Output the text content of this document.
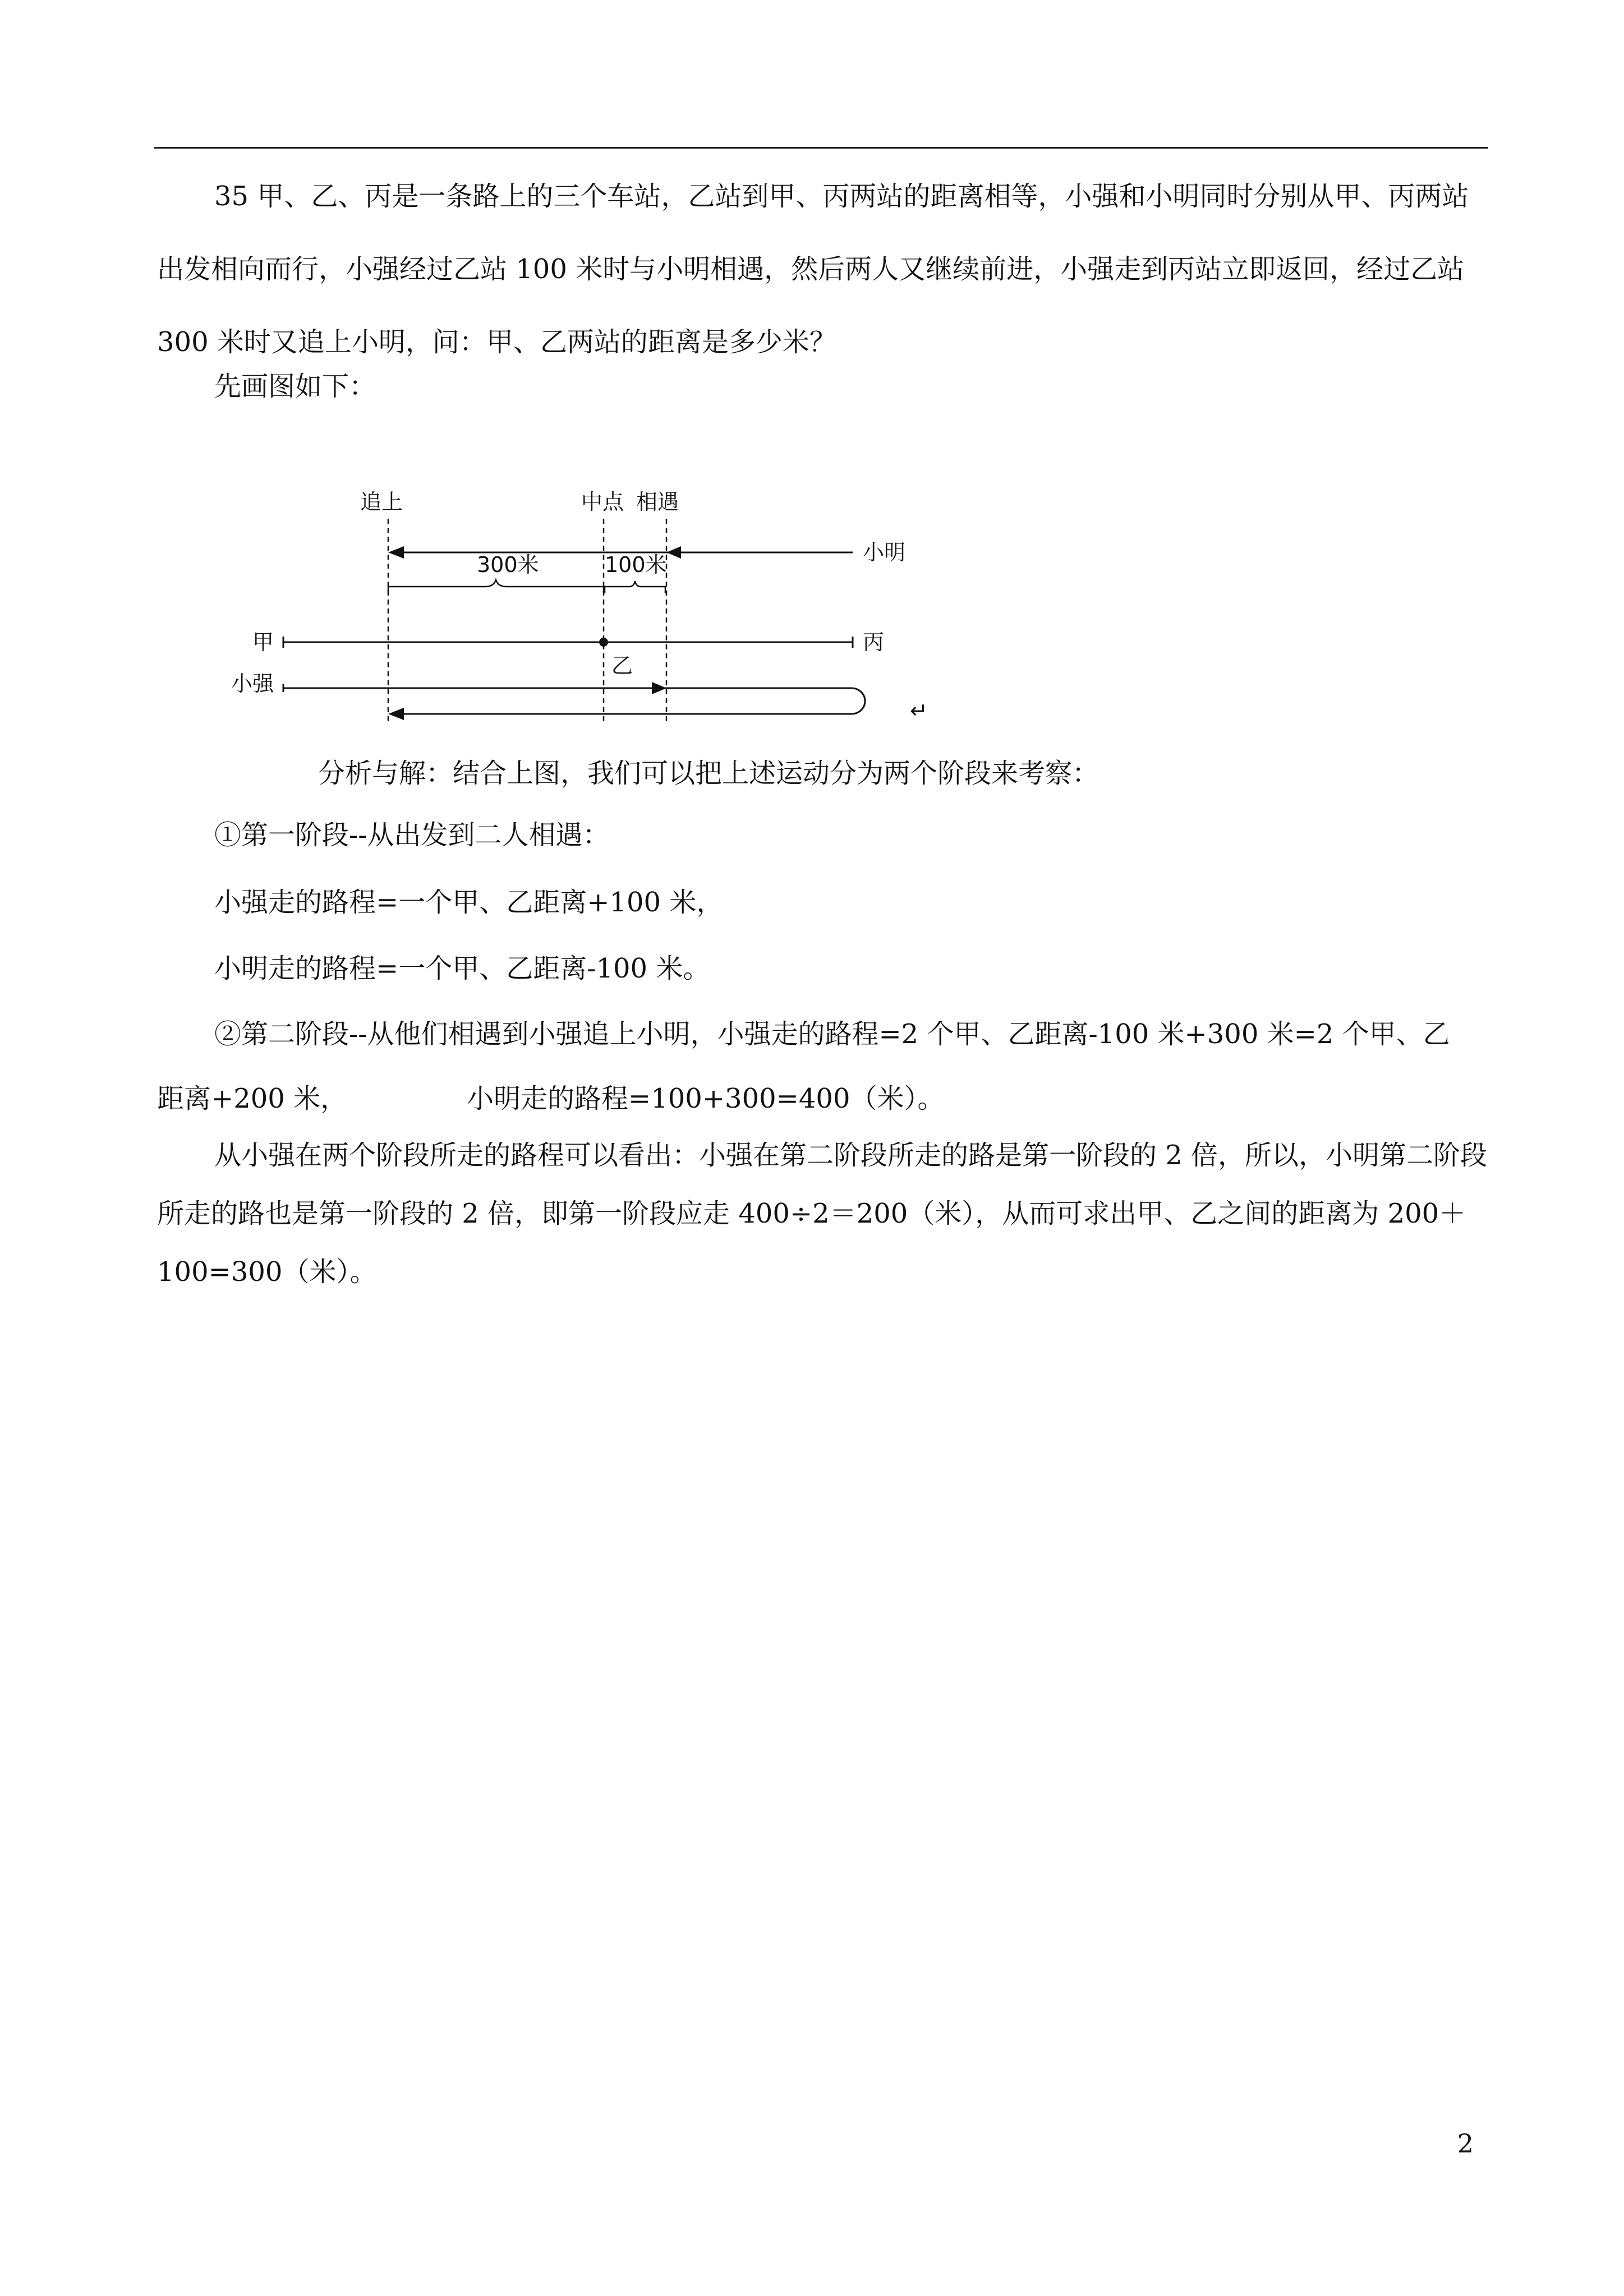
35 甲、乙、丙是一条路上的三个车站，乙站到甲、丙两站的距离相等，小强和小明同时分别从甲、丙两站出发相向而行，小强经过乙站 100 米时与小明相遇，然后两人又继续前进，小强走到丙站立即返回，经过乙站 300 米时又追上小明，问：甲、乙两站的距离是多少米？

先画图如下：

追上	中点 相遇
小明
300米	100米
甲	丙
乙
小强
↵

分析与解：结合上图，我们可以把上述运动分为两个阶段来考察：

①第一阶段--从出发到二人相遇：

小强走的路程=一个甲、乙距离+100 米，

小明走的路程=一个甲、乙距离-100 米。

②第二阶段--从他们相遇到小强追上小明，小强走的路程=2 个甲、乙距离-100 米+300 米=2 个甲、乙

距离+200 米，	小明走的路程=100+300=400（米）。

从小强在两个阶段所走的路程可以看出：小强在第二阶段所走的路是第一阶段的 2 倍，所以，小明第二阶段所走的路也是第一阶段的 2 倍，即第一阶段应走 400÷2＝200（米），从而可求出甲、乙之间的距离为 200＋100=300（米）。

2
